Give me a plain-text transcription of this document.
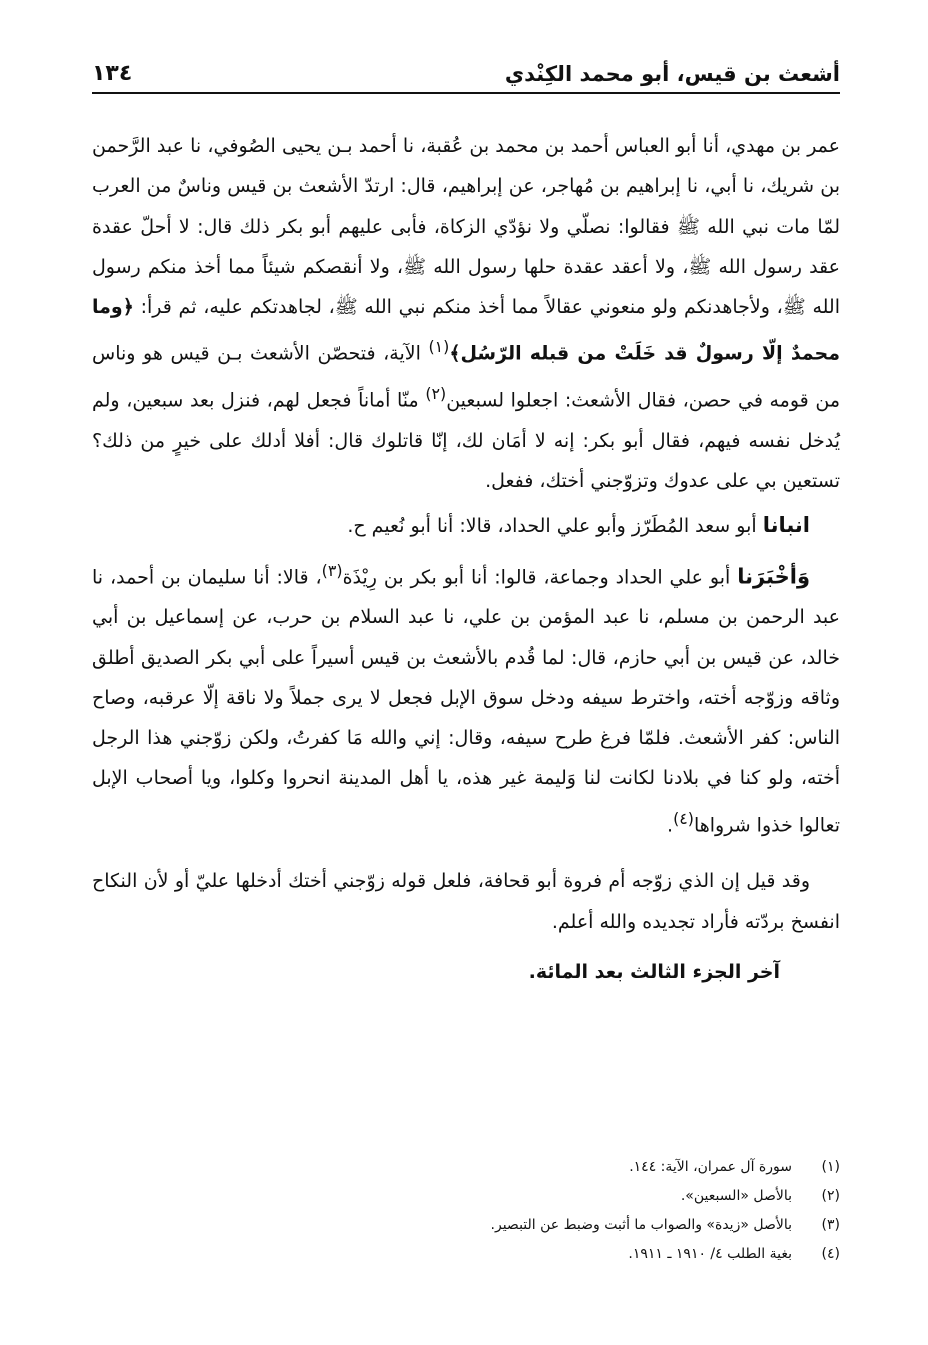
أشعث بن قيس، أبو محمد الكِنْدي
١٣٤

عمر بن مهدي، أنا أبو العباس أحمد بن محمد بن عُقبة، نا أحمد بـن يحيى الصُوفي، نا عبد الرَّحمن بن شريك، نا أبي، نا إبراهيم بن مُهاجر، عن إبراهيم، قال: ارتدّ الأشعث بن قيس وناسٌ من العرب لمّا مات نبي الله ﷺ فقالوا: نصلّي ولا نؤدّي الزكاة، فأبى عليهم أبو بكر ذلك قال: لا أحلّ عقدة عقد رسول الله ﷺ، ولا أعقد عقدة حلها رسول الله ﷺ، ولا أنقصكم شيئاً مما أخذ منكم رسول الله ﷺ، ولأجاهدنكم ولو منعوني عقالاً مما أخذ منكم نبي الله ﷺ، لجاهدتكم عليه، ثم قرأ: ﴿وما محمدٌ إلّا رسولٌ قد خَلَتْ من قبله الرّسُل﴾$^{(١)}$ الآية، فتحصّن الأشعث بـن قيس هو وناس من قومه في حصن، فقال الأشعث: اجعلوا لسبعين$^{(٢)}$ منّا أماناً فجعل لهم، فنزل بعد سبعين، ولم يُدخل نفسه فيهم، فقال أبو بكر: إنه لا أمَان لك، إنّا قاتلوك قال: أفلا أدلك على خيرٍ من ذلك؟ تستعين بي على عدوك وتزوّجني أختك، ففعل.

انبانا أبو سعد المُطَرّز وأبو علي الحداد، قالا: أنا أبو نُعيم ح.

وَأخْبَرَنا أبو علي الحداد وجماعة، قالوا: أنا أبو بكر بن رِيْذَة$^{(٣)}$، قالا: أنا سليمان بن أحمد، نا عبد الرحمن بن مسلم، نا عبد المؤمن بن علي، نا عبد السلام بن حرب، عن إسماعيل بن أبي خالد، عن قيس بن أبي حازم، قال: لما قُدم بالأشعث بن قيس أسيراً على أبي بكر الصديق أطلق وثاقه وزوّجه أخته، واخترط سيفه ودخل سوق الإبل فجعل لا يرى جملاً ولا ناقة إلّا عرقبه، وصاح الناس: كفر الأشعث. فلمّا فرغ طرح سيفه، وقال: إني والله مَا كفرتُ، ولكن زوّجني هذا الرجل أخته، ولو كنا في بلادنا لكانت لنا وَليمة غير هذه، يا أهل المدينة انحروا وكلوا، ويا أصحاب الإبل تعالوا خذوا شرواها$^{(٤)}$.

وقد قيل إن الذي زوّجه أم فروة أبو قحافة، فلعل قوله زوّجني أختك أدخلها عليّ أو لأن النكاح انفسخ بردّته فأراد تجديده والله أعلم.

آخر الجزء الثالث بعد المائة.

(١)
سورة آل عمران، الآية: ١٤٤.
(٢)
بالأصل «السبعين».
(٣)
بالأصل «زيدة» والصواب ما أثبت وضبط عن التبصير.
(٤)
بغية الطلب ٤/ ١٩١٠ ـ ١٩١١.
